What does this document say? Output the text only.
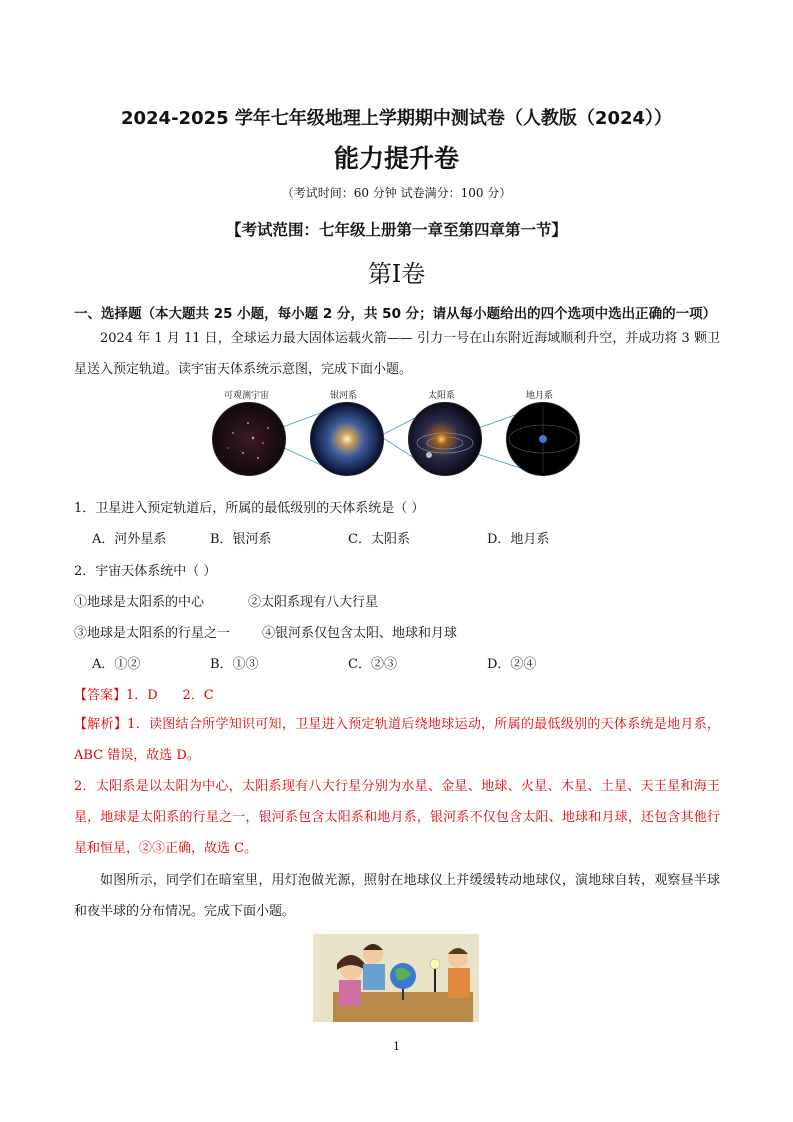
2024-2025 学年七年级地理上学期期中测试卷（人教版（2024））
能力提升卷
（考试时间：60 分钟 试卷满分：100 分）
【考试范围：七年级上册第一章至第四章第一节】
第I卷
一、选择题（本大题共 25 小题，每小题 2 分，共 50 分；请从每小题给出的四个选项中选出正确的一项）
2024 年 1 月 11 日，全球运力最大固体运载火箭—— 引力一号在山东附近海域顺利升空，并成功将 3 颗卫星送入预定轨道。读宇宙天体系统示意图，完成下面小题。
可观测宇宙	银河系	太阳系	地月系
1．卫星进入预定轨道后，所属的最低级别的天体系统是（ ）
A．河外星系	B．银河系	C．太阳系	D．地月系
2．宇宙天体系统中（ ）
①地球是太阳系的中心	②太阳系现有八大行星
③地球是太阳系的行星之一 ④银河系仅包含太阳、地球和月球
A．①②	B．①③	C．②③	D．②④
【答案】1．D      2．C
【解析】1．读图结合所学知识可知，卫星进入预定轨道后绕地球运动，所属的最低级别的天体系统是地月系，ABC 错误，故选 D。
2．太阳系是以太阳为中心，太阳系现有八大行星分别为水星、金星、地球、火星、木星、土星、天王星和海王星，地球是太阳系的行星之一，银河系包含太阳系和地月系，银河系不仅包含太阳、地球和月球，还包含其他行星和恒星，②③正确，故选 C。
如图所示，同学们在暗室里，用灯泡做光源，照射在地球仪上并缓缓转动地球仪，演地球自转，观察昼半球和夜半球的分布情况。完成下面小题。
1
